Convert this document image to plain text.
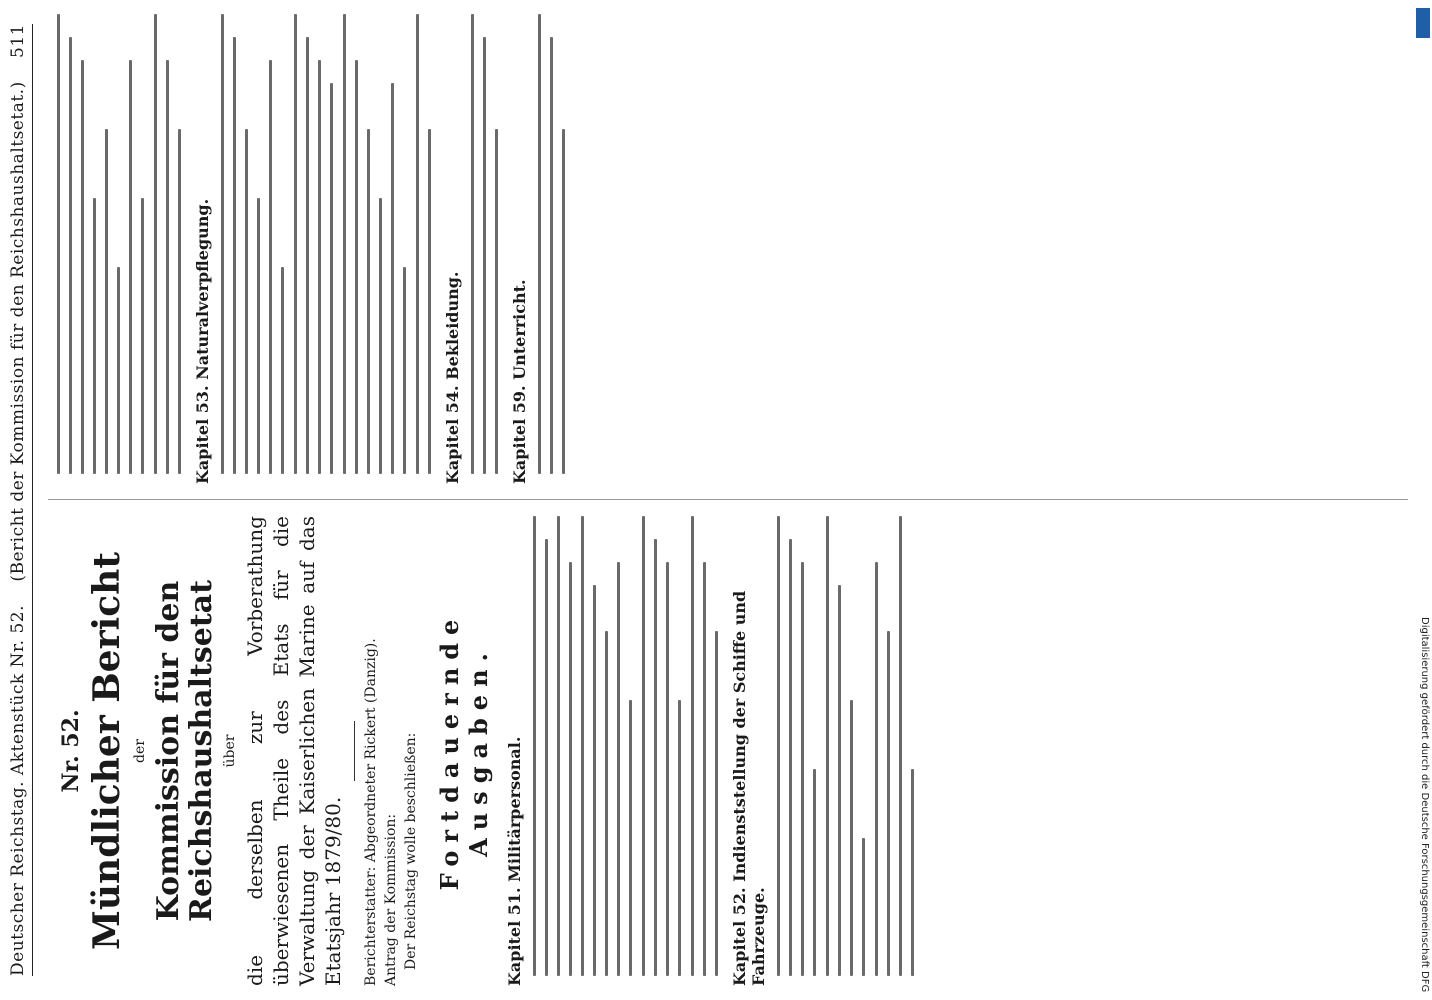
Deutscher Reichstag. Aktenstück Nr. 52.
(Bericht der Kommission für den Reichshaushaltsetat.)
511
Nr. 52. Mündlicher Bericht der Kommission für den Reichshaushaltsetat über die derselben zur Vorberathung überwiesenen Theile des Etats für die Verwaltung der Kaiserlichen Marine auf das Etatsjahr 1879/80. Berichterstatter: Abgeordneter Rickert (Danzig). Antrag der Kommission: Der Reichstag wolle beschließen: Fortdauernde Ausgaben. Kapitel 51. Militärpersonal.	Kapitel 52. Indienststellung der Schiffe und Fahrzeuge.
Kapitel 53. Naturalverpflegung.	Kapitel 54. Bekleidung.	Kapitel 59. Unterricht.
Digitalisierung gefördert durch die Deutsche Forschungsgemeinschaft DFG
